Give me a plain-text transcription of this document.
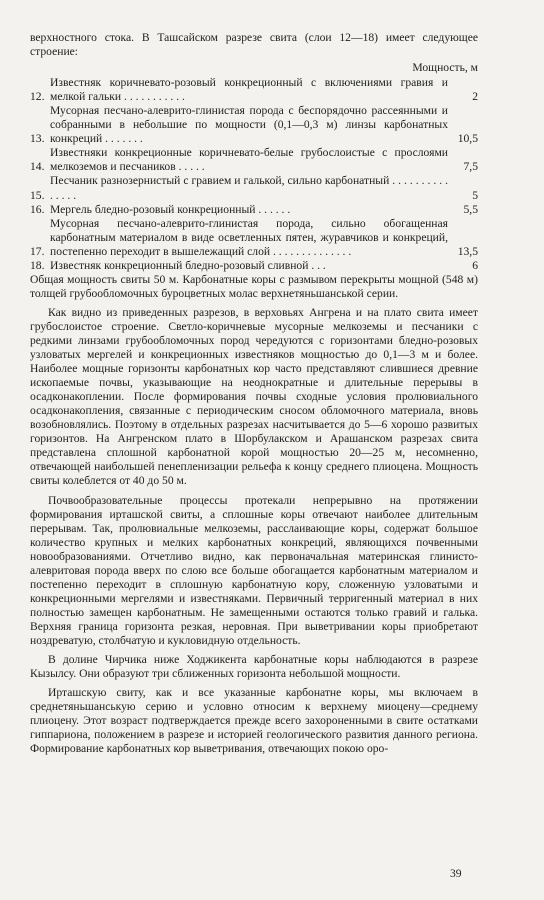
верхностного стока. В Ташсайском разрезе свита (слои 12—18) имеет следующее строение:

Мощность, м
12.
Известняк коричневато-розовый конкреционный с включениями гравия и мелкой гальки . . . . . . . . . . .	2
13.
Мусорная песчано-алеврито-глинистая порода с беспорядочно рассеянными и собранными в небольшие по мощности (0,1—0,3 м) линзы карбонатных конкреций . . . . . . .	10,5
14.
Известняки конкреционные коричневато-белые грубослоистые с прослоями мелкоземов и песчаников . . . . .	7,5
15.
Песчаник разнозернистый с гравием и галькой, сильно карбонатный . . . . . . . . . . . . . . .	5
16. Мергель бледно-розовый конкреционный . . . . . .	5,5
17.
Мусорная песчано-алеврито-глинистая порода, сильно обогащенная карбонатным материалом в виде осветленных пятен, журавчиков и конкреций, постепенно переходит в вышележащий слой . . . . . . . . . . . . . .	13,5
18. Известняк конкреционный бледно-розовый сливной . . .	6

Общая мощность свиты 50 м. Карбонатные коры с размывом перекрыты мощной (548 м) толщей грубообломочных буроцветных молас верхнетяньшанськой серии.

Как видно из приведенных разрезов, в верховьях Ангрена и на плато свита имеет грубослоистое строение. Светло-коричневые мусорные мелкоземы и песчаники с редкими линзами грубообломочных пород чередуются с горизонтами бледно-розовых узловатых мергелей и конкреционных известняков мощностью до 0,1—3 м и более. Наиболее мощные горизонты карбонатных кор часто представляют слившиеся древние ископаемые почвы, указывающие на неоднократные и длительные перерывы в осадконакоплении. После формирования почвы сходные условия пролювиального осадконакопления, связанные с периодическим сносом обломочного материала, вновь возобновлялись. Поэтому в отдельных разрезах насчитывается до 5—6 хорошо развитых горизонтов. На Ангренском плато в Шорбулакском и Арашанском разрезах свита представлена сплошной карбонатной корой мощностью 20—25 м, несомненно, отвечающей наибольшей пенепленизации рельефа к концу среднего плиоцена. Мощность свиты колеблется от 40 до 50 м.

Почвообразовательные процессы протекали непрерывно на протяжении формирования ирташской свиты, а сплошные коры отвечают наиболее длительным перерывам. Так, пролювиальные мелкоземы, расслаивающие коры, содержат большое количество крупных и мелких карбонатных конкреций, являющихся почвенными новообразованиями. Отчетливо видно, как первоначальная материнская глинисто-алевритовая порода вверх по слою все больше обогащается карбонатным материалом и постепенно переходит в сплошную карбонатную кору, сложенную узловатыми и конкреционными мергелями и известняками. Первичный терригенный материал в них полностью замещен карбонатным. Не замещенными остаются только гравий и галька. Верхняя граница горизонта резкая, неровная. При выветривании коры приобретают ноздреватую, столбчатую и кукловидную отдельность.

В долине Чирчика ниже Ходжикента карбонатные коры наблюдаются в разрезе Кызылсу. Они образуют три сближенных горизонта небольшой мощности.

Ирташскую свиту, как и все указанные карбонатне коры, мы включаем в среднетяньшанськую серию и условно относим к верхнему миоцену—среднему плиоцену. Этот возраст подтверждается прежде всего захороненными в свите остатками гиппариона, положением в разрезе и историей геологического развития данного региона. Формирование карбонатных кор выветривания, отвечающих покою оро-

39
